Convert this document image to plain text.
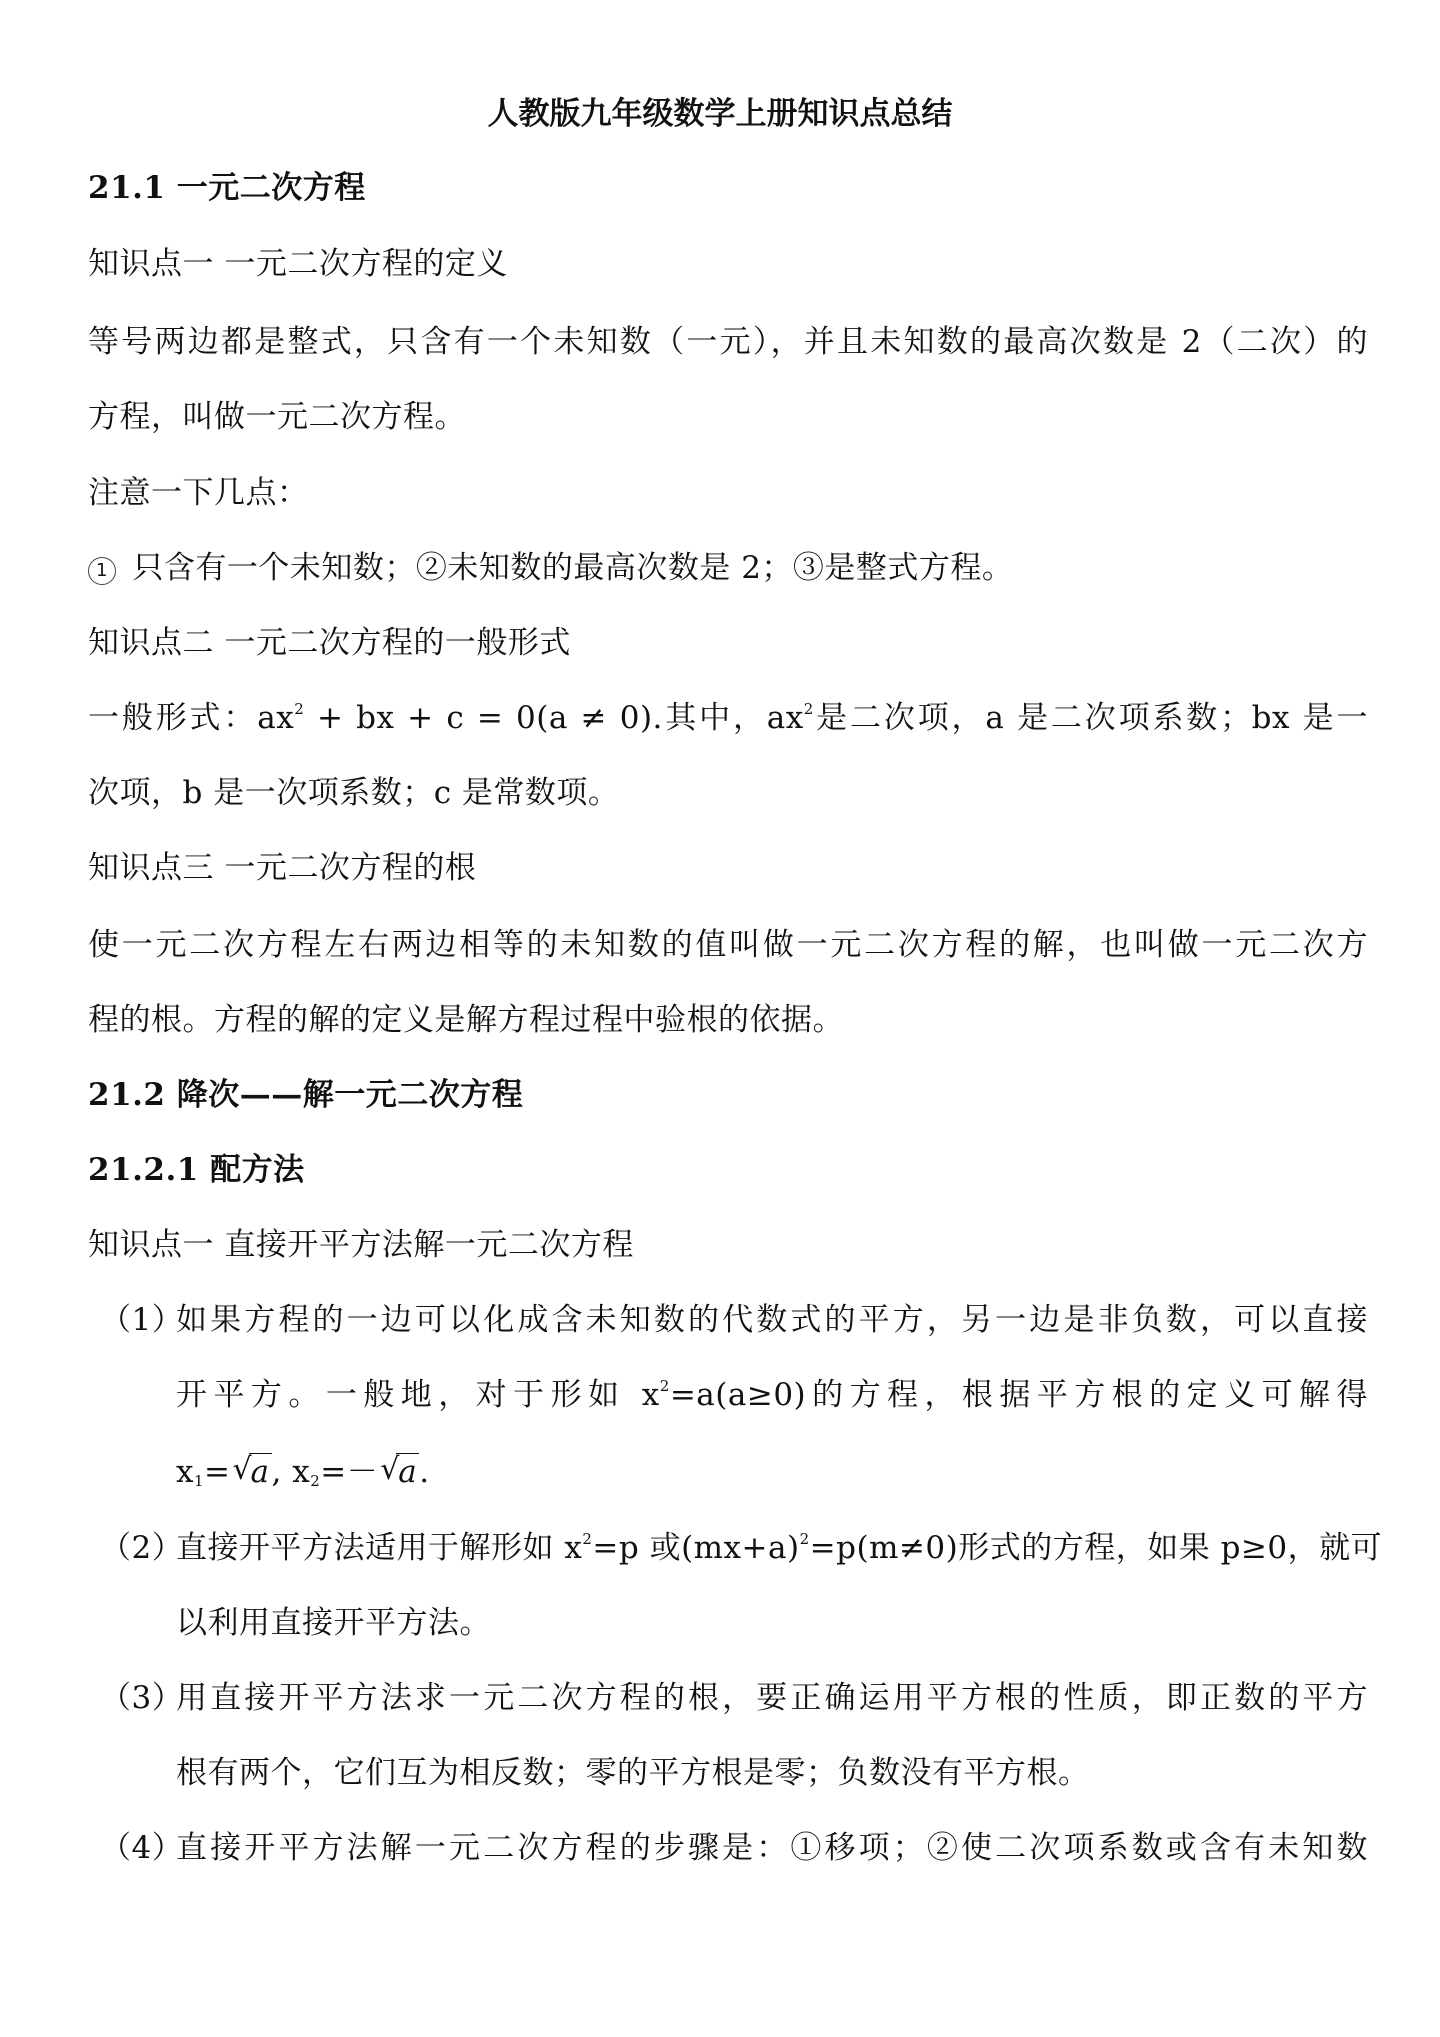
人教版九年级数学上册知识点总结
21.1 一元二次方程
知识点一 一元二次方程的定义
等号两边都是整式，只含有一个未知数（一元），并且未知数的最高次数是 2（二次）的
方程，叫做一元二次方程。
注意一下几点：
1 只含有一个未知数；②未知数的最高次数是 2；③是整式方程。
知识点二 一元二次方程的一般形式
一般形式：$ax^2$ + bx + c = 0(a ≠ 0).其中，$ax^2$是二次项，a 是二次项系数；bx 是一
次项，b 是一次项系数；c 是常数项。
知识点三 一元二次方程的根
使一元二次方程左右两边相等的未知数的值叫做一元二次方程的解，也叫做一元二次方
程的根。方程的解的定义是解方程过程中验根的依据。
21.2 降次——解一元二次方程
21.2.1 配方法
知识点一 直接开平方法解一元二次方程
（1）
如果方程的一边可以化成含未知数的代数式的平方，另一边是非负数，可以直接
开平方。一般地，对于形如 $x^2=a(a\ge 0)$的方程，根据平方根的定义可解得
$x_1=√$ a, $x_2=-√$ a.
（2）
直接开平方法适用于解形如 $x^2=p$ 或$(mx+a)^2=p(m\ne 0)$形式的方程，如果 p≥0，就可
以利用直接开平方法。
（3）
用直接开平方法求一元二次方程的根，要正确运用平方根的性质，即正数的平方
根有两个，它们互为相反数；零的平方根是零；负数没有平方根。
（4）
直接开平方法解一元二次方程的步骤是：①移项；②使二次项系数或含有未知数
